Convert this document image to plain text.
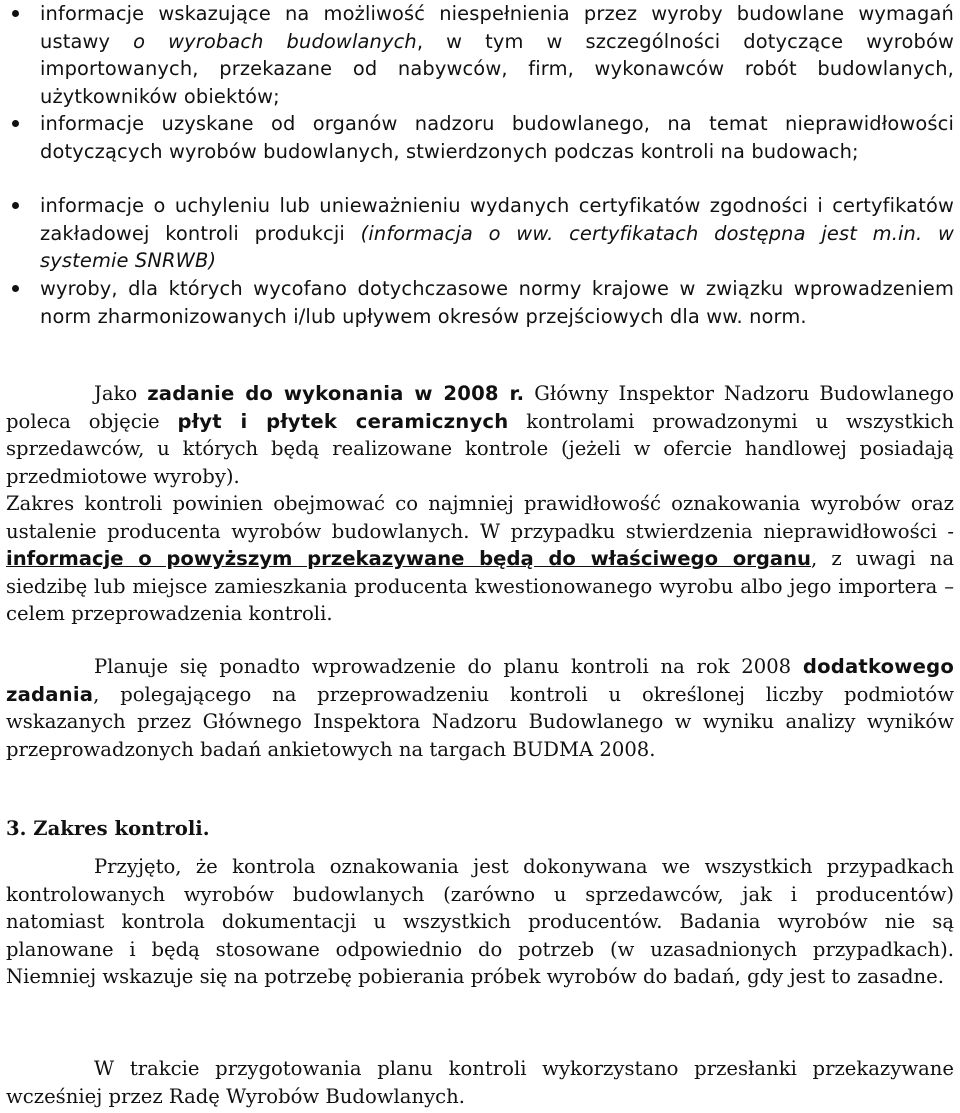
informacje wskazujące na możliwość niespełnienia przez wyroby budowlane wymagań ustawy o wyrobach budowlanych, w tym w szczególności dotyczące wyrobów importowanych, przekazane od nabywców, firm, wykonawców robót budowlanych, użytkowników obiektów;
informacje uzyskane od organów nadzoru budowlanego, na temat nieprawidłowości dotyczących wyrobów budowlanych, stwierdzonych podczas kontroli na budowach;
informacje o uchyleniu lub unieważnieniu wydanych certyfikatów zgodności i certyfikatów zakładowej kontroli produkcji (informacja o ww. certyfikatach dostępna jest m.in. w systemie SNRWB)
wyroby, dla których wycofano dotychczasowe normy krajowe w związku wprowadzeniem norm zharmonizowanych i/lub upływem okresów przejściowych dla ww. norm.

Jako zadanie do wykonania w 2008 r. Główny Inspektor Nadzoru Budowlanego poleca objęcie płyt i płytek ceramicznych kontrolami prowadzonymi u wszystkich sprzedawców, u których będą realizowane kontrole (jeżeli w ofercie handlowej posiadają przedmiotowe wyroby).

Zakres kontroli powinien obejmować co najmniej prawidłowość oznakowania wyrobów oraz ustalenie producenta wyrobów budowlanych. W przypadku stwierdzenia nieprawidłowości - informacje o powyższym przekazywane będą do właściwego organu, z uwagi na siedzibę lub miejsce zamieszkania producenta kwestionowanego wyrobu albo jego importera – celem przeprowadzenia kontroli.

Planuje się ponadto wprowadzenie do planu kontroli na rok 2008 dodatkowego zadania, polegającego na przeprowadzeniu kontroli u określonej liczby podmiotów wskazanych przez Głównego Inspektora Nadzoru Budowlanego w wyniku analizy wyników przeprowadzonych badań ankietowych na targach BUDMA 2008.

3. Zakres kontroli.

Przyjęto, że kontrola oznakowania jest dokonywana we wszystkich przypadkach kontrolowanych wyrobów budowlanych (zarówno u sprzedawców, jak i producentów) natomiast kontrola dokumentacji u wszystkich producentów. Badania wyrobów nie są planowane i będą stosowane odpowiednio do potrzeb (w uzasadnionych przypadkach). Niemniej wskazuje się na potrzebę pobierania próbek wyrobów do badań, gdy jest to zasadne.

W trakcie przygotowania planu kontroli wykorzystano przesłanki przekazywane wcześniej przez Radę Wyrobów Budowlanych.
